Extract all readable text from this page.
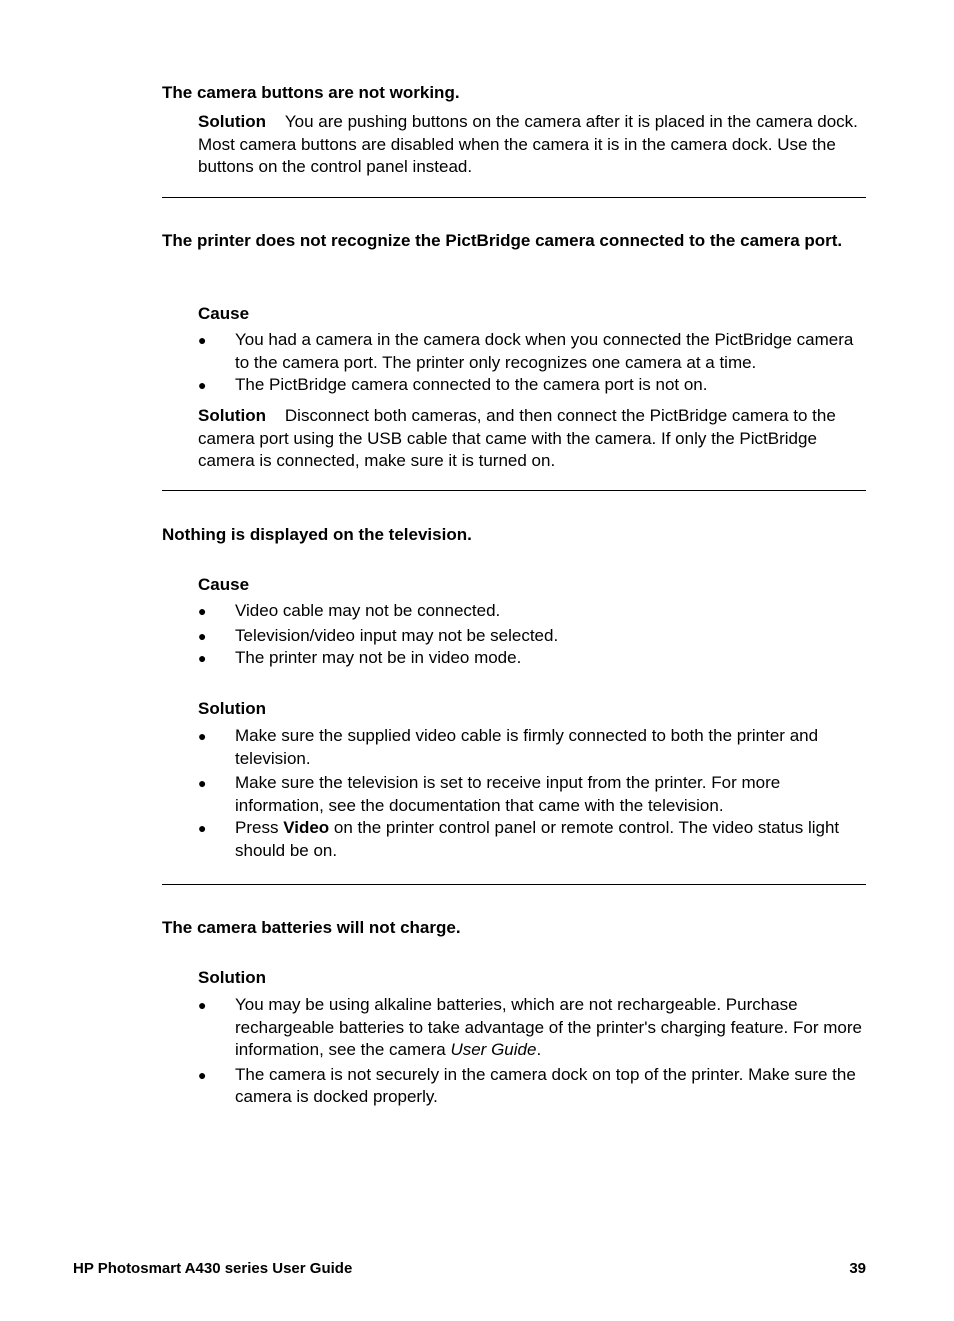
The camera buttons are not working.

Solution You are pushing buttons on the camera after it is placed in the camera dock. Most camera buttons are disabled when the camera it is in the camera dock. Use the buttons on the control panel instead.

The printer does not recognize the PictBridge camera connected to the camera port.

Cause

● You had a camera in the camera dock when you connected the PictBridge camera to the camera port. The printer only recognizes one camera at a time.
● The PictBridge camera connected to the camera port is not on.

Solution Disconnect both cameras, and then connect the PictBridge camera to the camera port using the USB cable that came with the camera. If only the PictBridge camera is connected, make sure it is turned on.

Nothing is displayed on the television.

Cause

● Video cable may not be connected.
● Television/video input may not be selected.
● The printer may not be in video mode.

Solution

● Make sure the supplied video cable is firmly connected to both the printer and television.
● Make sure the television is set to receive input from the printer. For more information, see the documentation that came with the television.
● Press Video on the printer control panel or remote control. The video status light should be on.

The camera batteries will not charge.

Solution

● You may be using alkaline batteries, which are not rechargeable. Purchase rechargeable batteries to take advantage of the printer's charging feature. For more information, see the camera User Guide.
● The camera is not securely in the camera dock on top of the printer. Make sure the camera is docked properly.
HP Photosmart A430 series User Guide	39
